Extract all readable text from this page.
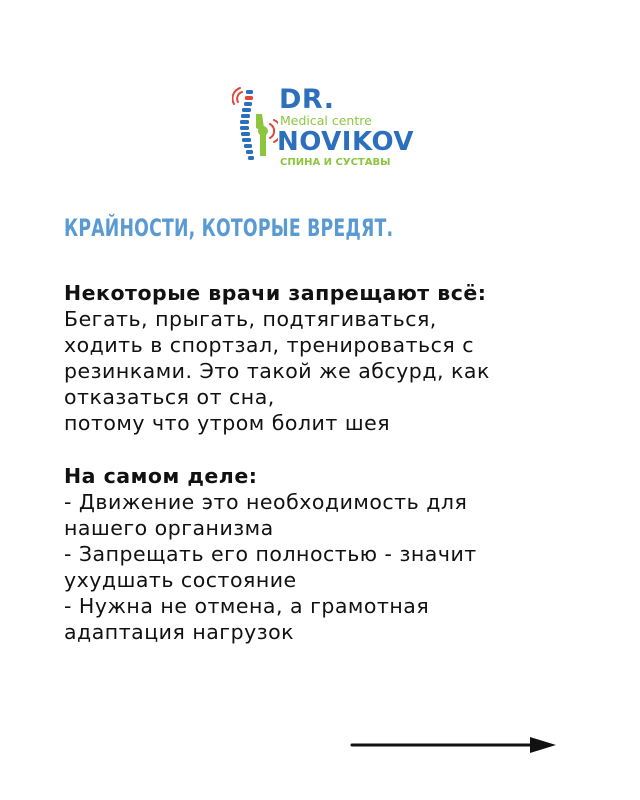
DR.
Medical centre
NOVIKOV
СПИНА И СУСТАВЫ
КРАЙНОСТИ, КОТОРЫЕ ВРЕДЯТ.
Некоторые врачи запрещают всё:
Бегать, прыгать, подтягиваться,
ходить в спортзал, тренироваться с
резинками. Это такой же абсурд, как
отказаться от сна,
потому что утром болит шея
На самом деле:
- Движение это необходимость для
нашего организма
- Запрещать его полностью - значит
ухудшать состояние
- Нужна не отмена, а грамотная
адаптация нагрузок
